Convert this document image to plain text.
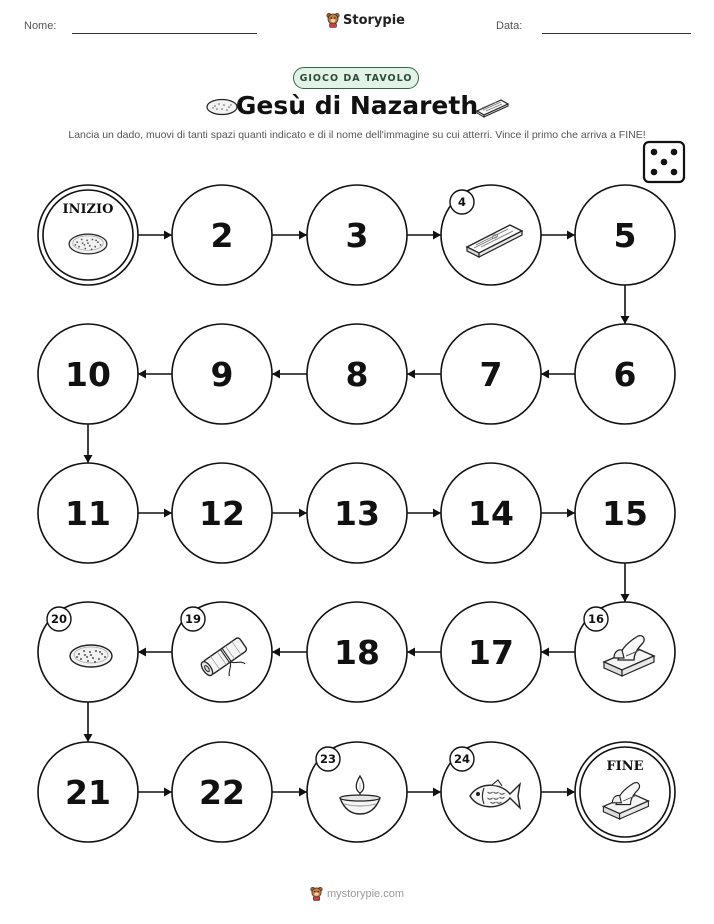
Nome:	Storypie	Data:
GIOCO DA TAVOLO
Gesù di Nazareth
Lancia un dado, muovi di tanti spazi quanti indicato e di il nome dell'immagine su cui atterri. Vince il primo che arriva a FINE!
INIZIO
2	3
4
5
10	9	8	7	6
11	12	13	14	15
20	19
18	17
16
21	22
23	24	FINE
mystorypie.com
